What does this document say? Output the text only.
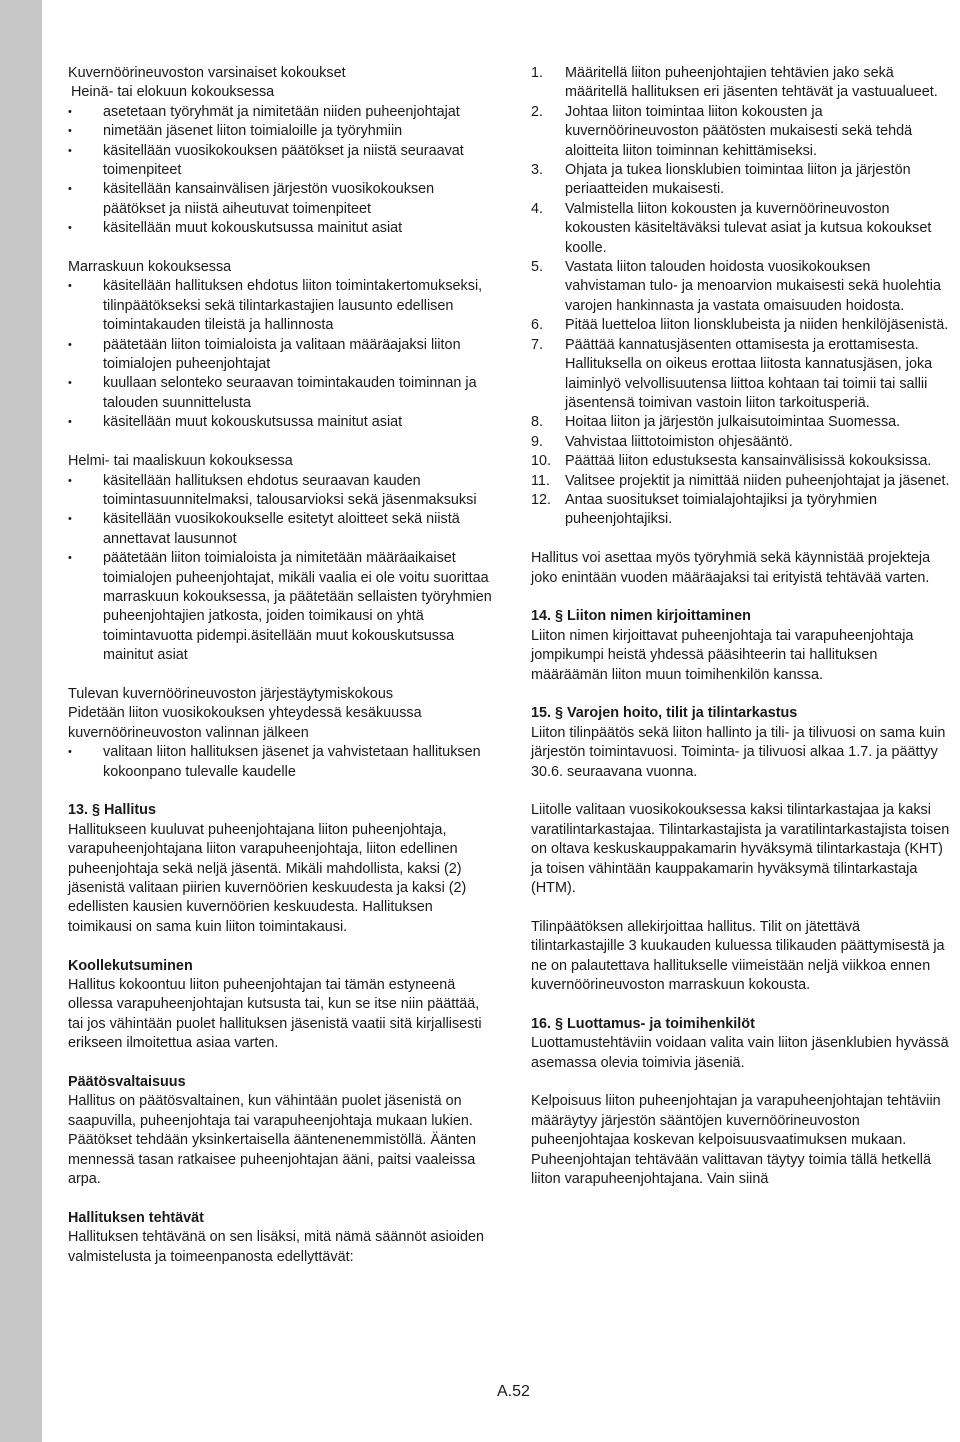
Kuvernöörineuvoston varsinaiset kokoukset

Heinä- tai elokuun kokouksessa

• asetetaan työryhmät ja nimitetään niiden puheenjohtajat
• nimetään jäsenet liiton toimialoille ja työryhmiin
• käsitellään vuosikokouksen päätökset ja niistä seuraavat toimenpiteet
• käsitellään kansainvälisen järjestön vuosikokouksen päätökset ja niistä aiheutuvat toimenpiteet
• käsitellään muut kokouskutsussa mainitut asiat

Marraskuun kokouksessa

• käsitellään hallituksen ehdotus liiton toimintakertomukseksi, tilinpäätökseksi sekä tilintarkastajien lausunto edellisen toimintakauden tileistä ja hallinnosta
• päätetään liiton toimialoista ja valitaan määräajaksi liiton toimialojen puheenjohtajat
• kuullaan selonteko seuraavan toimintakauden toiminnan ja talouden suunnittelusta
• käsitellään muut kokouskutsussa mainitut asiat

Helmi- tai maaliskuun kokouksessa

• käsitellään hallituksen ehdotus seuraavan kauden toimintasuunnitelmaksi, talousarvioksi sekä jäsenmaksuksi
• käsitellään vuosikokoukselle esitetyt aloitteet sekä niistä annettavat lausunnot
• päätetään liiton toimialoista ja nimitetään määräaikaiset toimialojen puheenjohtajat, mikäli vaalia ei ole voitu suorittaa marraskuun kokouksessa, ja päätetään sellaisten työryhmien puheenjohtajien jatkosta, joiden toimikausi on yhtä toimintavuotta pidempi.äsitellään muut kokouskutsussa mainitut asiat

Tulevan kuvernöörineuvoston järjestäytymiskokous

Pidetään liiton vuosikokouksen yhteydessä kesäkuussa kuvernöörineuvoston valinnan jälkeen

• valitaan liiton hallituksen jäsenet ja vahvistetaan hallituksen kokoonpano tulevalle kaudelle

13. § Hallitus

Hallitukseen kuuluvat puheenjohtajana liiton puheenjohtaja, varapuheenjohtajana liiton varapuheenjohtaja, liiton edellinen puheenjohtaja sekä neljä jäsentä. Mikäli mahdollista, kaksi (2) jäsenistä valitaan piirien kuvernöörien keskuudesta ja kaksi (2) edellisten kausien kuvernöörien keskuudesta. Hallituksen toimikausi on sama kuin liiton toimintakausi.

Koollekutsuminen

Hallitus kokoontuu liiton puheenjohtajan tai tämän estyneenä ollessa varapuheenjohtajan kutsusta tai, kun se itse niin päättää, tai jos vähintään puolet hallituksen jäsenistä vaatii sitä kirjallisesti erikseen ilmoitettua asiaa varten.

Päätösvaltaisuus

Hallitus on päätösvaltainen, kun vähintään puolet jäsenistä on saapuvilla, puheenjohtaja tai varapuheenjohtaja mukaan lukien. Päätökset tehdään yksinkertaisella ääntenenemmistöllä. Äänten mennessä tasan ratkaisee puheenjohtajan ääni, paitsi vaaleissa arpa.

Hallituksen tehtävät

Hallituksen tehtävänä on sen lisäksi, mitä nämä säännöt asioiden valmistelusta ja toimeenpanosta edellyttävät:

1. Määritellä liiton puheenjohtajien tehtävien jako sekä määritellä hallituksen eri jäsenten tehtävät ja vastuualueet.
2. Johtaa liiton toimintaa liiton kokousten ja kuvernöörineuvoston päätösten mukaisesti sekä tehdä aloitteita liiton toiminnan kehittämiseksi.
3. Ohjata ja tukea lionsklubien toimintaa liiton ja järjestön periaatteiden mukaisesti.
4. Valmistella liiton kokousten ja kuvernöörineuvoston kokousten käsiteltäväksi tulevat asiat ja kutsua kokoukset koolle.
5. Vastata liiton talouden hoidosta vuosikokouksen vahvistaman tulo- ja menoarvion mukaisesti sekä huolehtia varojen hankinnasta ja vastata omaisuuden hoidosta.
6. Pitää luetteloa liiton lionsklubeista ja niiden henkilöjäsenistä.
7. Päättää kannatusjäsenten ottamisesta ja erottamisesta. Hallituksella on oikeus erottaa liitosta kannatusjäsen, joka laiminlyö velvollisuutensa liittoa kohtaan tai toimii tai sallii jäsentensä toimivan vastoin liiton tarkoitusperiä.
8. Hoitaa liiton ja järjestön julkaisutoimintaa Suomessa.
9. Vahvistaa liittotoimiston ohjesääntö.
10. Päättää liiton edustuksesta kansainvälisissä kokouksissa.
11. Valitsee projektit ja nimittää niiden puheenjohtajat ja jäsenet.
12. Antaa suositukset toimialajohtajiksi ja työryhmien puheenjohtajiksi.

Hallitus voi asettaa myös työryhmiä sekä käynnistää projekteja joko enintään vuoden määräajaksi tai erityistä tehtävää varten.

14. § Liiton nimen kirjoittaminen

Liiton nimen kirjoittavat puheenjohtaja tai varapuheenjohtaja jompikumpi heistä yhdessä pääsihteerin tai hallituksen määräämän liiton muun toimihenkilön kanssa.

15. § Varojen hoito, tilit ja tilintarkastus

Liiton tilinpäätös sekä liiton hallinto ja tili- ja tilivuosi on sama kuin järjestön toimintavuosi. Toiminta- ja tilivuosi alkaa 1.7. ja päättyy 30.6. seuraavana vuonna.

Liitolle valitaan vuosikokouksessa kaksi tilintarkastajaa ja kaksi varatilintarkastajaa. Tilintarkastajista ja varatilintarkastajista toisen on oltava keskuskauppakamarin hyväksymä tilintarkastaja (KHT) ja toisen vähintään kauppakamarin hyväksymä tilintarkastaja (HTM).

Tilinpäätöksen allekirjoittaa hallitus. Tilit on jätettävä tilintarkastajille 3 kuukauden kuluessa tilikauden päättymisestä ja ne on palautettava hallitukselle viimeistään neljä viikkoa ennen kuvernöörineuvoston marraskuun kokousta.

16. § Luottamus- ja toimihenkilöt

Luottamustehtäviin voidaan valita vain liiton jäsenklubien hyvässä asemassa olevia toimivia jäseniä.

Kelpoisuus liiton puheenjohtajan ja varapuheenjohtajan tehtäviin määräytyy järjestön sääntöjen kuvernöörineuvoston puheenjohtajaa koskevan kelpoisuusvaatimuksen mukaan. Puheenjohtajan tehtävään valittavan täytyy toimia tällä hetkellä liiton varapuheenjohtajana. Vain siinä

A.52
